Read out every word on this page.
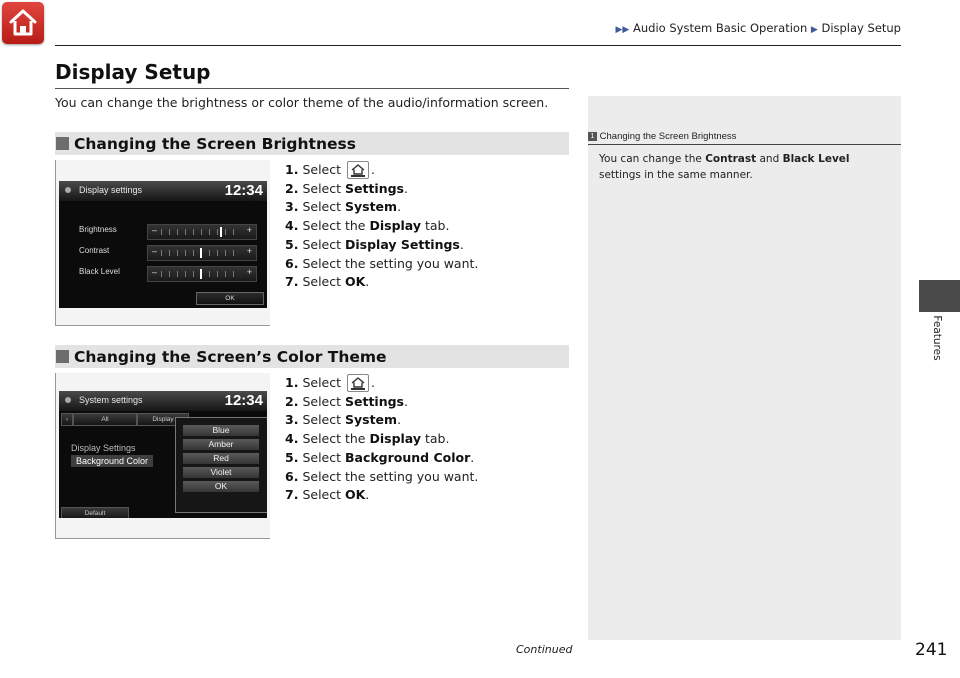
▶▶ Audio System Basic Operation ▶ Display Setup
Display Setup
You can change the brightness or color theme of the audio/information screen.
Changing the Screen Brightness
Display settings	12:34
Brightness	–	+
Contrast	–	+
Black Level	–	+
OK
1. Select .
2. Select Settings.
3. Select System.
4. Select the Display tab.
5. Select Display Settings.
6. Select the setting you want.
7. Select OK.
Changing the Screen’s Color Theme
System settings	12:34
‹	All	Display
Display Settings
Background Color
Default
Blue
Amber
Red
Violet
OK
1. Select .
2. Select Settings.
3. Select System.
4. Select the Display tab.
5. Select Background Color.
6. Select the setting you want.
7. Select OK.
1 Changing the Screen Brightness
You can change the Contrast and Black Level
settings in the same manner.
Features
Continued	241
